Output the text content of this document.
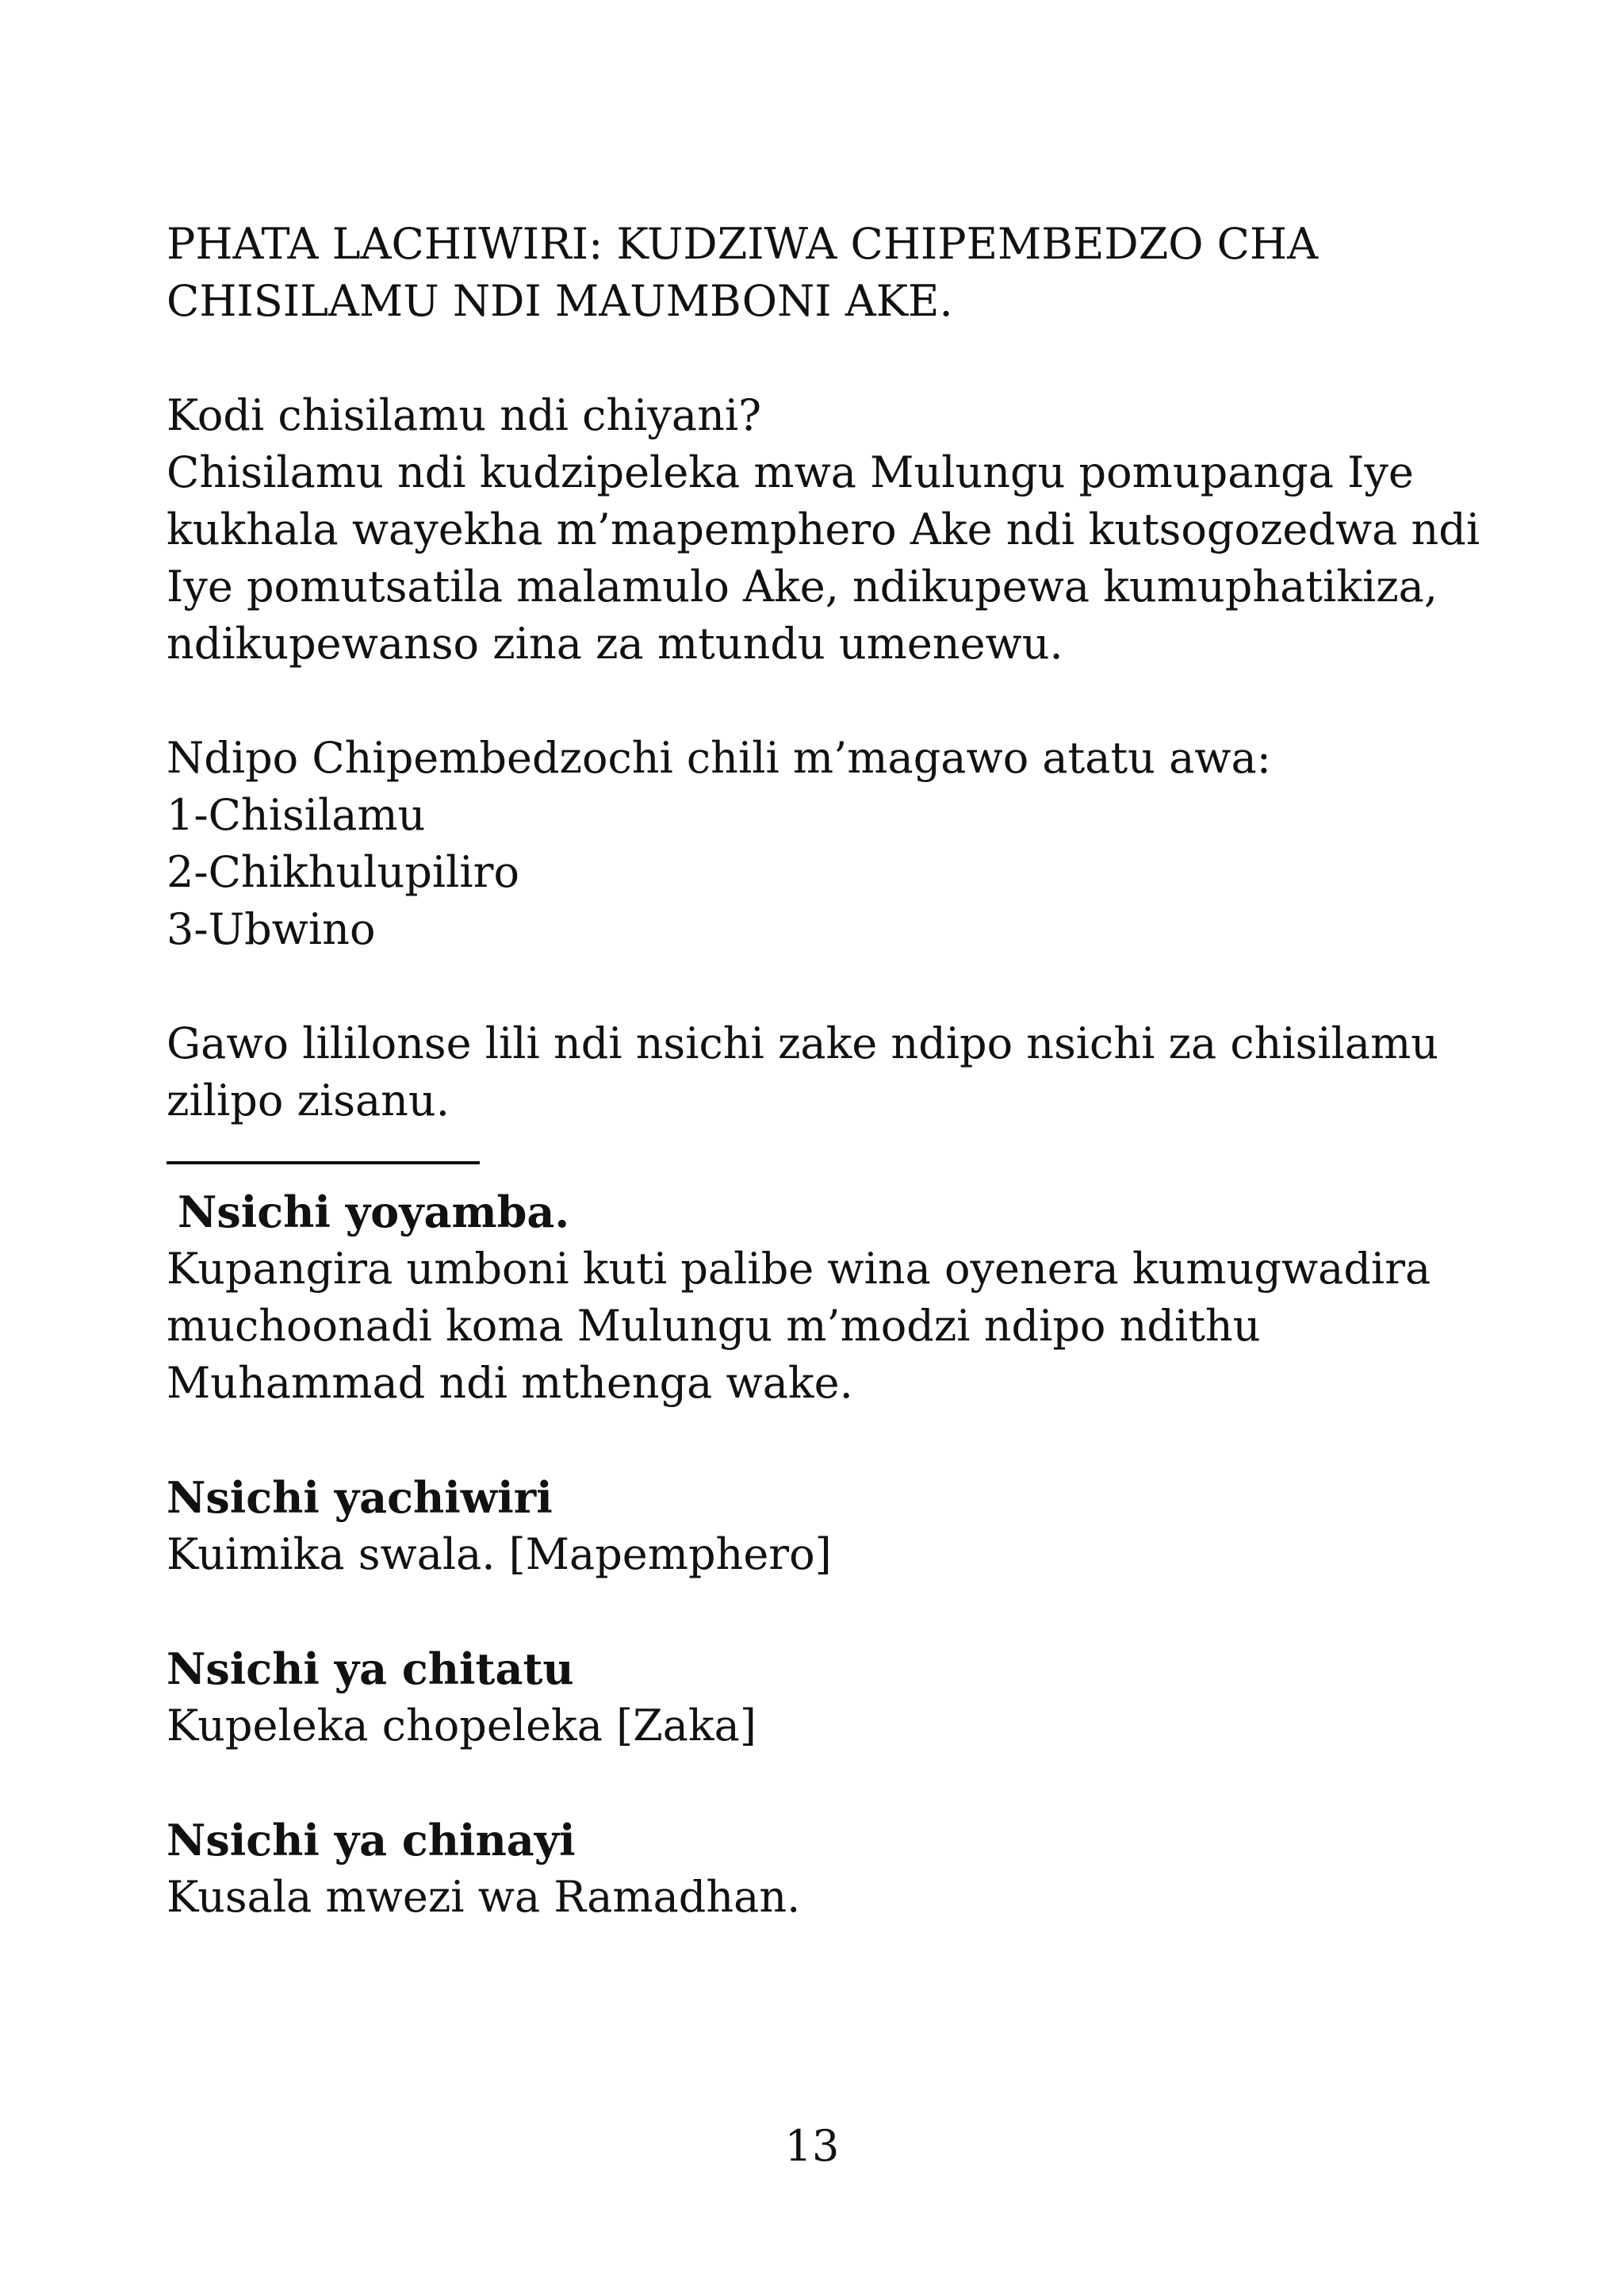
PHATA LACHIWIRI: KUDZIWA CHIPEMBEDZO CHA
CHISILAMU NDI MAUMBONI AKE.
Kodi chisilamu ndi chiyani?
Chisilamu ndi kudzipeleka mwa Mulungu pomupanga Iye
kukhala wayekha m’mapemphero Ake ndi kutsogozedwa ndi
Iye pomutsatila malamulo Ake, ndikupewa kumuphatikiza,
ndikupewanso zina za mtundu umenewu.
Ndipo Chipembedzochi chili m’magawo atatu awa:
1-Chisilamu
2-Chikhulupiliro
3-Ubwino
Gawo lililonse lili ndi nsichi zake ndipo nsichi za chisilamu
zilipo zisanu.
Nsichi yoyamba.
Kupangira umboni kuti palibe wina oyenera kumugwadira
muchoonadi koma Mulungu m’modzi ndipo ndithu
Muhammad ndi mthenga wake.
Nsichi yachiwiri
Kuimika swala. [Mapemphero]
Nsichi ya chitatu
Kupeleka chopeleka [Zaka]
Nsichi ya chinayi
Kusala mwezi wa Ramadhan.
13
